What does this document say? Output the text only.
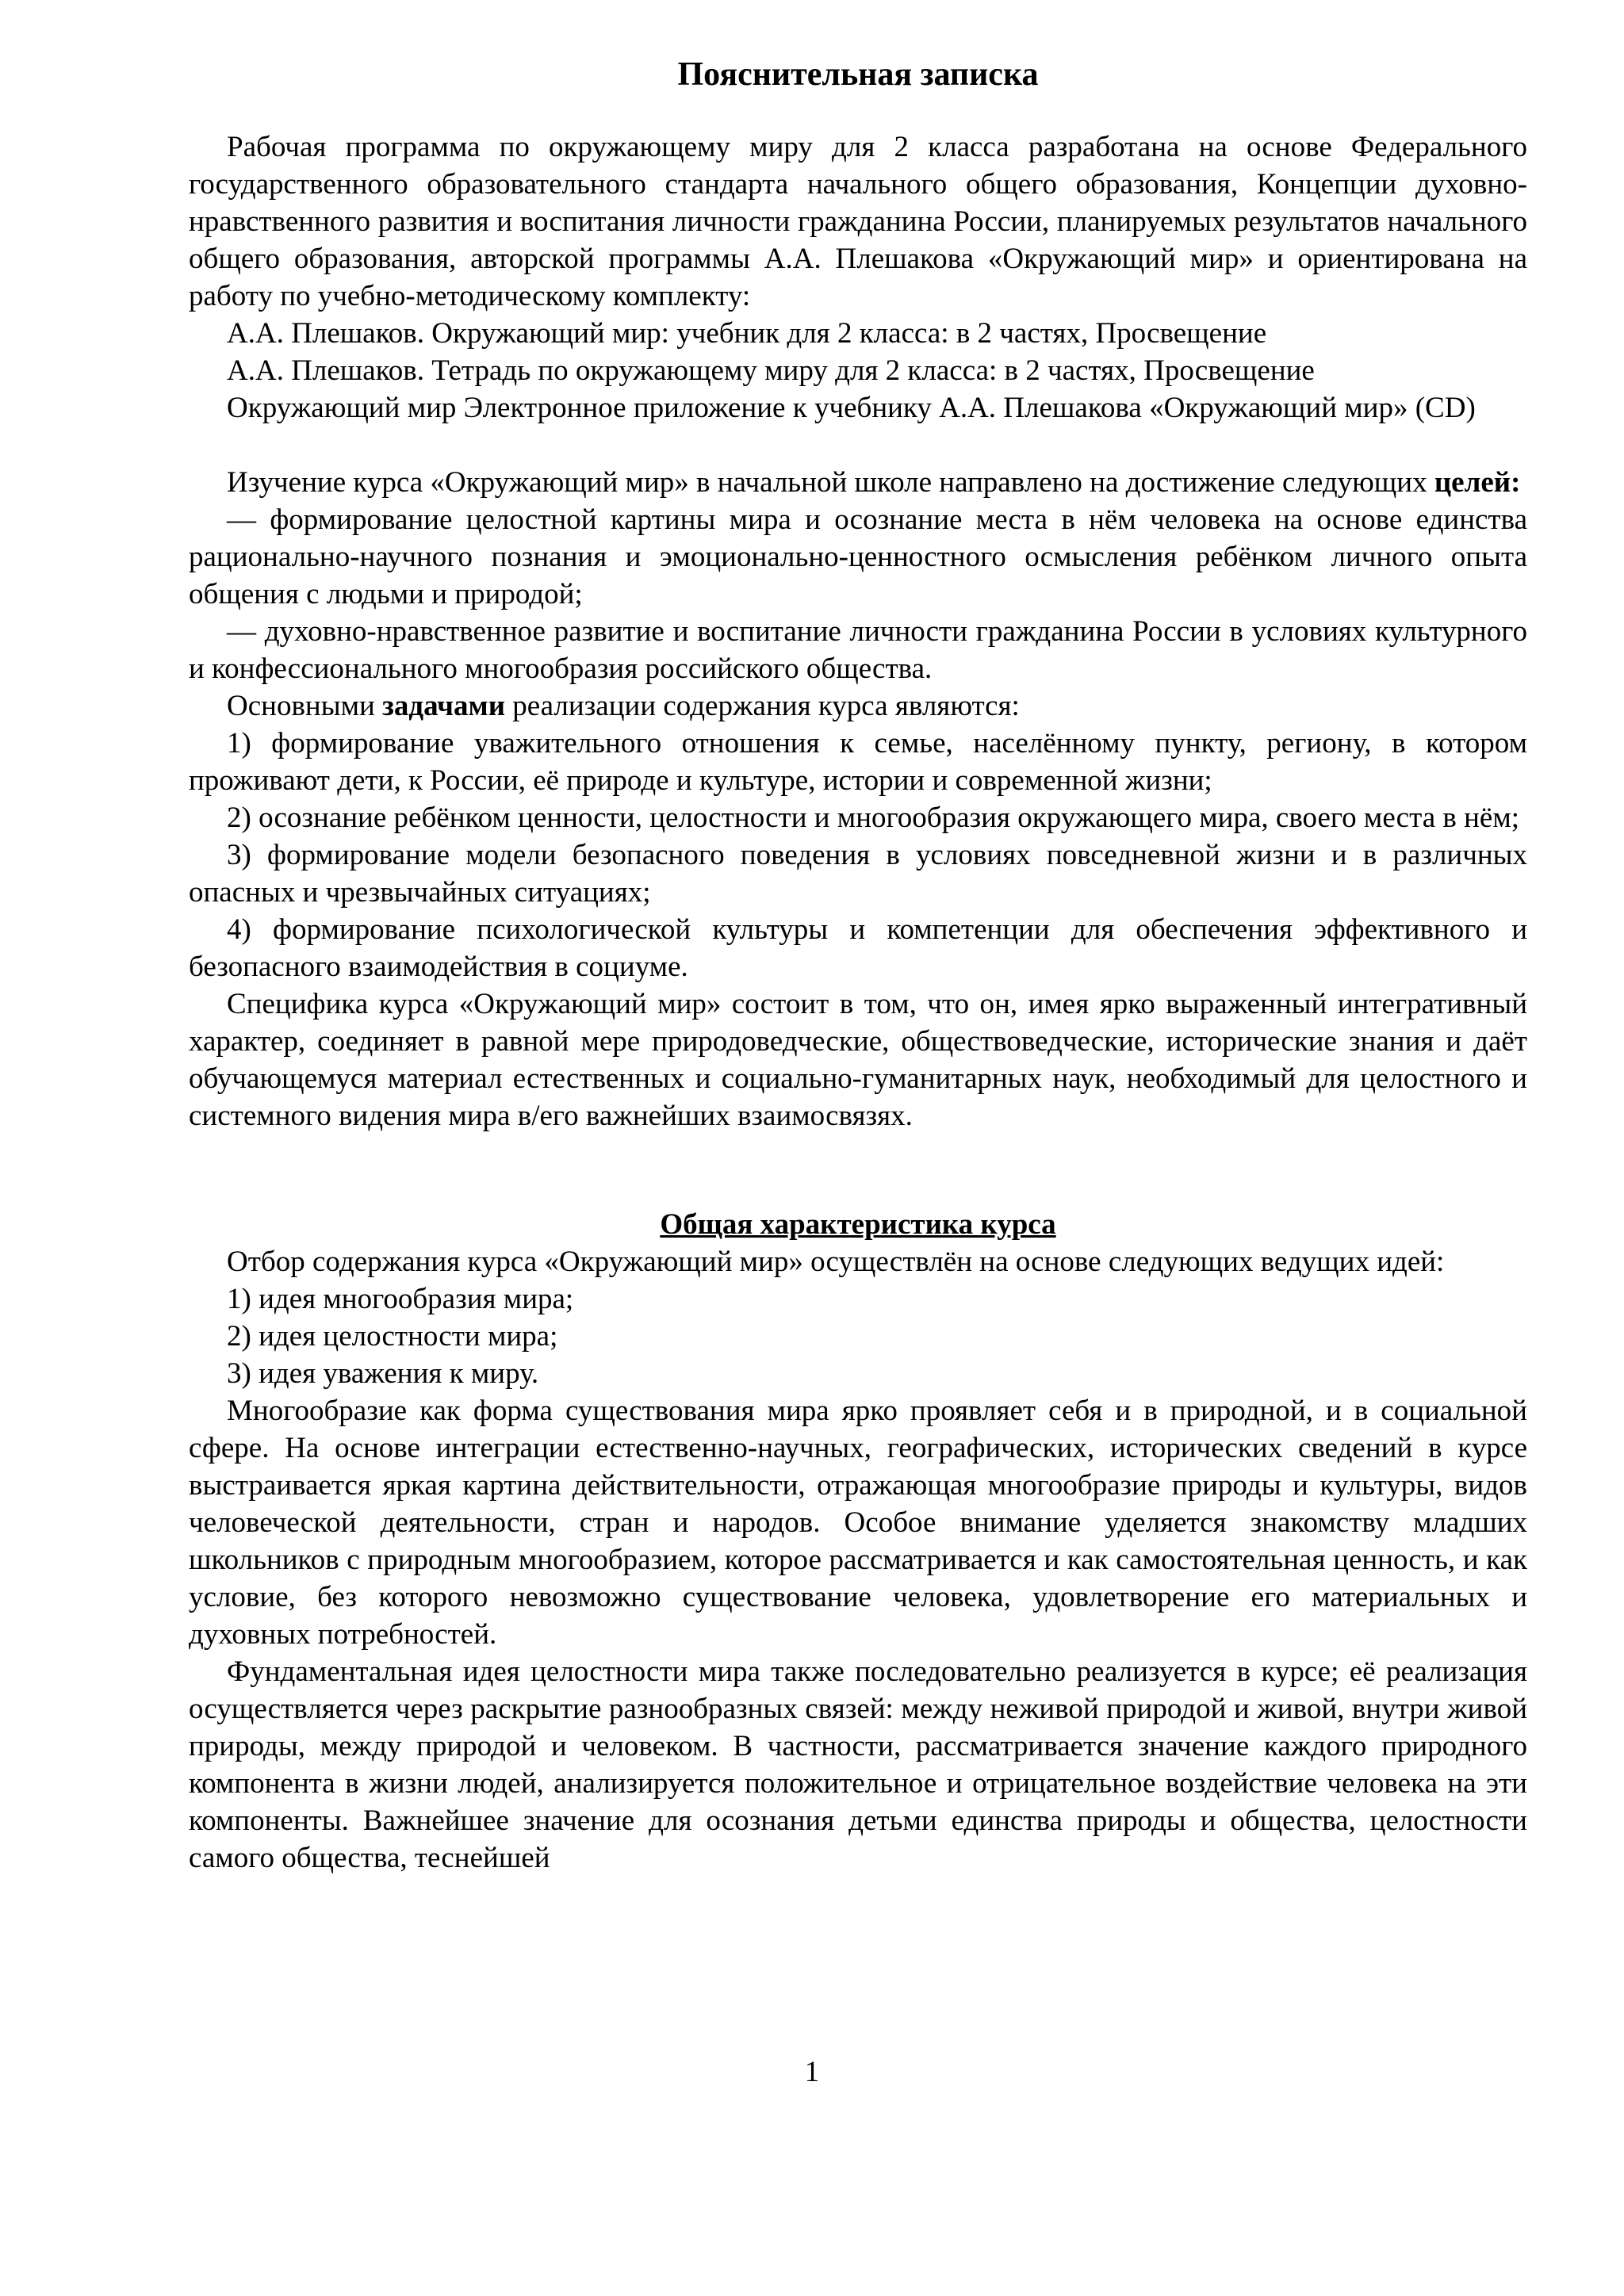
Пояснительная записка

Рабочая программа по окружающему миру для 2 класса разработана на основе Федерального государственного образовательного стандарта начального общего образования, Концепции духовно-нравственного развития и воспитания личности гражданина России, планируемых результатов начального общего образования, авторской программы А.А. Плешакова «Окружающий мир» и ориентирована на работу по учебно-методическому комплекту:

А.А. Плешаков. Окружающий мир: учебник для 2 класса: в 2 частях, Просвещение

А.А. Плешаков. Тетрадь по окружающему миру для 2 класса: в 2 частях, Просвещение

Окружающий мир Электронное приложение к учебнику А.А. Плешакова «Окружающий мир» (CD)

Изучение курса «Окружающий мир» в начальной школе направлено на достижение следующих целей:

— формирование целостной картины мира и осознание места в нём человека на основе единства рационально-научного познания и эмоционально-ценностного осмысления ребёнком личного опыта общения с людьми и природой;

— духовно-нравственное развитие и воспитание личности гражданина России в условиях культурного и конфессионального многообразия российского общества.

Основными задачами реализации содержания курса являются:

1) формирование уважительного отношения к семье, населённому пункту, региону, в котором проживают дети, к России, её природе и культуре, истории и современной жизни;

2) осознание ребёнком ценности, целостности и многообразия окружающего мира, своего места в нём;

3) формирование модели безопасного поведения в условиях повседневной жизни и в различных опасных и чрезвычайных ситуациях;

4) формирование психологической культуры и компетенции для обеспечения эффективного и безопасного взаимодействия в социуме.

Специфика курса «Окружающий мир» состоит в том, что он, имея ярко выраженный интегративный характер, соединяет в равной мере природоведческие, обществоведческие, исторические знания и даёт обучающемуся материал естественных и социально-гуманитарных наук, необходимый для целостного и системного видения мира в/его важнейших взаимосвязях.

Общая характеристика курса

Отбор содержания курса «Окружающий мир» осуществлён на основе следующих ведущих идей:

1) идея многообразия мира;

2) идея целостности мира;

3) идея уважения к миру.

Многообразие как форма существования мира ярко проявляет себя и в природной, и в социальной сфере. На основе интеграции естественно-научных, географических, исторических сведений в курсе выстраивается яркая картина действительности, отражающая многообразие природы и культуры, видов человеческой деятельности, стран и народов. Особое внимание уделяется знакомству младших школьников с природным многообразием, которое рассматривается и как самостоятельная ценность, и как условие, без которого невозможно существование человека, удовлетворение его материальных и духовных потребностей.

Фундаментальная идея целостности мира также последовательно реализуется в курсе; её реализация осуществляется через раскрытие разнообразных связей: между неживой природой и живой, внутри живой природы, между природой и человеком. В частности, рассматривается значение каждого природного компонента в жизни людей, анализируется положительное и отрицательное воздействие человека на эти компоненты. Важнейшее значение для осознания детьми единства природы и общества, целостности самого общества, теснейшей

1
